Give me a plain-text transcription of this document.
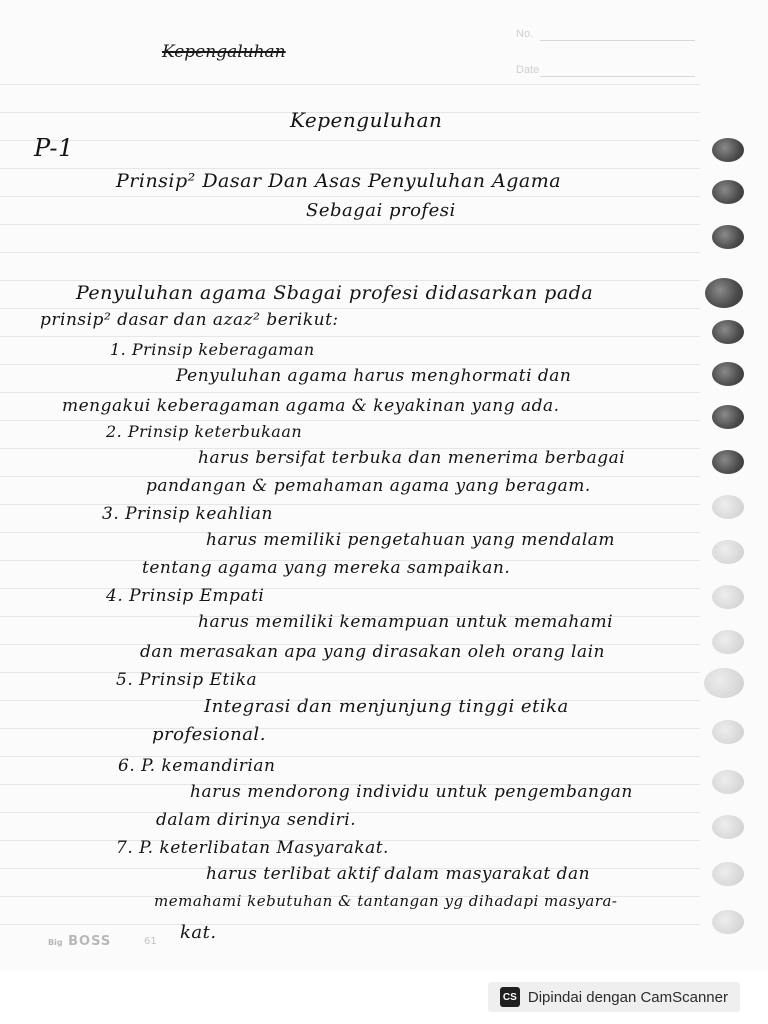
No.
Date
Kepengaluhan
Kepenguluhan
P-1
Prinsip² Dasar Dan Asas Penyuluhan Agama
Sebagai profesi
Penyuluhan agama Sbagai profesi didasarkan pada
prinsip² dasar dan azaz² berikut:
1. Prinsip keberagaman
Penyuluhan agama harus menghormati dan
mengakui keberagaman agama & keyakinan yang ada.
2. Prinsip keterbukaan
harus bersifat terbuka dan menerima berbagai
pandangan & pemahaman agama yang beragam.
3. Prinsip keahlian
harus memiliki pengetahuan yang mendalam
tentang agama yang mereka sampaikan.
4. Prinsip Empati
harus memiliki kemampuan untuk memahami
dan merasakan apa yang dirasakan oleh orang lain
5. Prinsip Etika
Integrasi dan menjunjung tinggi etika
profesional.
6. P. kemandirian
harus mendorong individu untuk pengembangan
dalam dirinya sendiri.
7. P. keterlibatan Masyarakat.
harus terlibat aktif dalam masyarakat dan
memahami kebutuhan & tantangan yg dihadapi masyara-
kat.
Big BOSS	61
CS Dipindai dengan CamScanner
